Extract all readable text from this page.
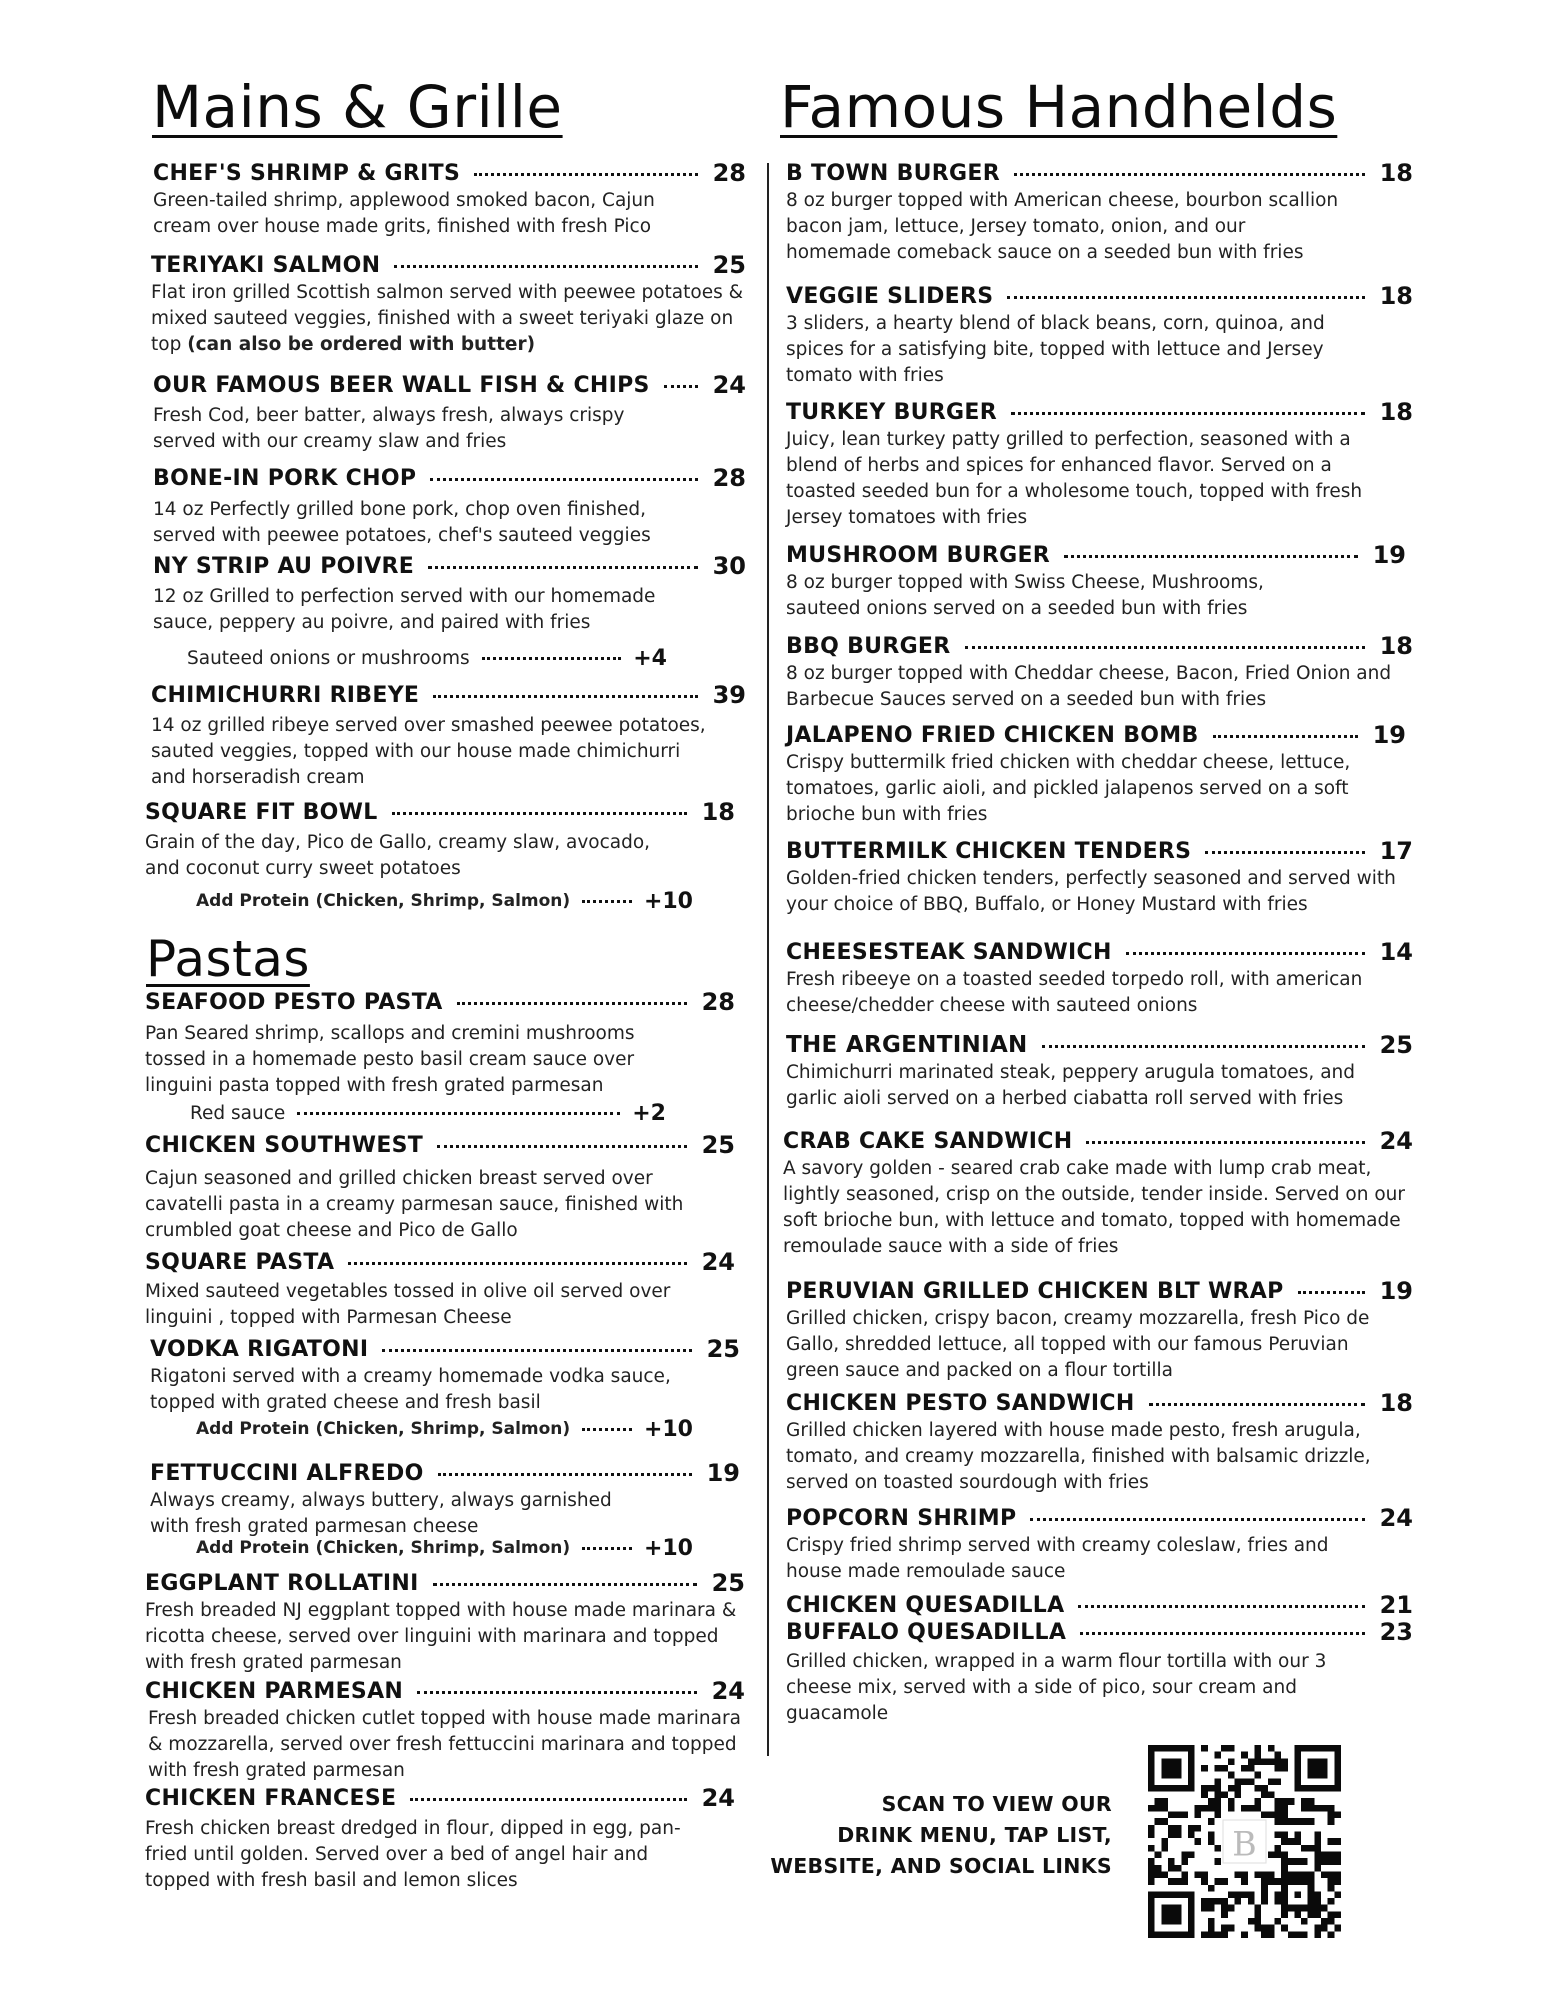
Mains & Grille	Famous Handhelds
Pastas
CHEF'S SHRIMP & GRITS	28
Green-tailed shrimp, applewood smoked bacon, Cajun cream over house made grits, finished with fresh Pico
TERIYAKI SALMON	25
Flat iron grilled Scottish salmon served with peewee potatoes & mixed sauteed veggies, finished with a sweet teriyaki glaze on top (can also be ordered with butter)
OUR FAMOUS BEER WALL FISH & CHIPS	24
Fresh Cod, beer batter, always fresh, always crispy served with our creamy slaw and fries
BONE-IN PORK CHOP	28
14 oz Perfectly grilled bone pork, chop oven finished, served with peewee potatoes, chef's sauteed veggies
NY STRIP AU POIVRE	30
12 oz Grilled to perfection served with our homemade sauce, peppery au poivre, and paired with fries
Sauteed onions or mushrooms	+4
CHIMICHURRI RIBEYE	39
14 oz grilled ribeye served over smashed peewee potatoes, sauted veggies, topped with our house made chimichurri and horseradish cream
SQUARE FIT BOWL	18
Grain of the day, Pico de Gallo, creamy slaw, avocado, and coconut curry sweet potatoes
Add Protein (Chicken, Shrimp, Salmon)	+10
SEAFOOD PESTO PASTA	28
Pan Seared shrimp, scallops and cremini mushrooms tossed in a homemade pesto basil cream sauce over linguini pasta topped with fresh grated parmesan
Red sauce	+2
CHICKEN SOUTHWEST	25
Cajun seasoned and grilled chicken breast served over cavatelli pasta in a creamy parmesan sauce, finished with crumbled goat cheese and Pico de Gallo
SQUARE PASTA	24
Mixed sauteed vegetables tossed in olive oil served over linguini , topped with Parmesan Cheese
VODKA RIGATONI	25
Rigatoni served with a creamy homemade vodka sauce, topped with grated cheese and fresh basil
Add Protein (Chicken, Shrimp, Salmon)	+10
FETTUCCINI ALFREDO	19
Always creamy, always buttery, always garnished with fresh grated parmesan cheese
Add Protein (Chicken, Shrimp, Salmon)	+10
EGGPLANT ROLLATINI	25
Fresh breaded NJ eggplant topped with house made marinara & ricotta cheese, served over linguini with marinara and topped with fresh grated parmesan
CHICKEN PARMESAN	24
Fresh breaded chicken cutlet topped with house made marinara & mozzarella, served over fresh fettuccini marinara and topped with fresh grated parmesan
CHICKEN FRANCESE	24
Fresh chicken breast dredged in flour, dipped in egg, pan-fried until golden. Served over a bed of angel hair and topped with fresh basil and lemon slices
B TOWN BURGER	18
8 oz burger topped with American cheese, bourbon scallion bacon jam, lettuce, Jersey tomato, onion, and our homemade comeback sauce on a seeded bun with fries
VEGGIE SLIDERS	18
3 sliders, a hearty blend of black beans, corn, quinoa, and spices for a satisfying bite, topped with lettuce and Jersey tomato with fries
TURKEY BURGER	18
Juicy, lean turkey patty grilled to perfection, seasoned with a blend of herbs and spices for enhanced flavor. Served on a toasted seeded bun for a wholesome touch, topped with fresh Jersey tomatoes with fries
MUSHROOM BURGER	19
8 oz burger topped with Swiss Cheese, Mushrooms, sauteed onions served on a seeded bun with fries
BBQ BURGER	18
8 oz burger topped with Cheddar cheese, Bacon, Fried Onion and Barbecue Sauces served on a seeded bun with fries
JALAPENO FRIED CHICKEN BOMB	19
Crispy buttermilk fried chicken with cheddar cheese, lettuce, tomatoes, garlic aioli, and pickled jalapenos served on a soft brioche bun with fries
BUTTERMILK CHICKEN TENDERS	17
Golden-fried chicken tenders, perfectly seasoned and served with your choice of BBQ, Buffalo, or Honey Mustard with fries
CHEESESTEAK SANDWICH	14
Fresh ribeeye on a toasted seeded torpedo roll, with american cheese/chedder cheese with sauteed onions
THE ARGENTINIAN	25
Chimichurri marinated steak, peppery arugula tomatoes, and garlic aioli served on a herbed ciabatta roll served with fries
CRAB CAKE SANDWICH	24
A savory golden - seared crab cake made with lump crab meat, lightly seasoned, crisp on the outside, tender inside. Served on our soft brioche bun, with lettuce and tomato, topped with homemade remoulade sauce with a side of fries
PERUVIAN GRILLED CHICKEN BLT WRAP	19
Grilled chicken, crispy bacon, creamy mozzarella, fresh Pico de Gallo, shredded lettuce, all topped with our famous Peruvian green sauce and packed on a flour tortilla
CHICKEN PESTO SANDWICH	18
Grilled chicken layered with house made pesto, fresh arugula, tomato, and creamy mozzarella, finished with balsamic drizzle, served on toasted sourdough with fries
POPCORN SHRIMP	24
Crispy fried shrimp served with creamy coleslaw, fries and house made remoulade sauce
CHICKEN QUESADILLA	21
BUFFALO QUESADILLA	23
Grilled chicken, wrapped in a warm flour tortilla with our 3 cheese mix, served with a side of pico, sour cream and guacamole
SCAN TO VIEW OUR
DRINK MENU, TAP LIST,
WEBSITE, AND SOCIAL LINKS
B
